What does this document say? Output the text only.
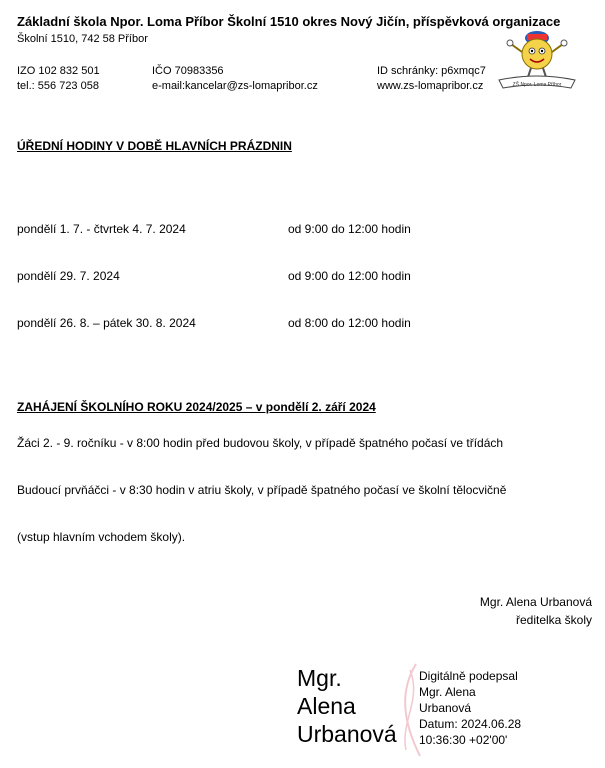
Základní škola Npor. Loma Příbor Školní 1510 okres Nový Jičín, příspěvková organizace
Školní 1510, 742 58 Příbor
IZO 102 832 501
tel.: 556 723 058
IČO 70983356
e-mail:kancelar@zs-lomapribor.cz
ID schránky: p6xmqc7
www.zs-lomapribor.cz	ZŠ Npor. Loma Příbor
ÚŘEDNÍ HODINY V DOBĚ HLAVNÍCH PRÁZDNIN
pondělí 1. 7. - čtvrtek 4. 7. 2024	od 9:00 do 12:00 hodin
pondělí 29. 7. 2024	od 9:00 do 12:00 hodin
pondělí 26. 8. – pátek 30. 8. 2024	od 8:00 do 12:00 hodin
ZAHÁJENÍ ŠKOLNÍHO ROKU 2024/2025 – v pondělí 2. září 2024
Žáci 2. - 9. ročníku - v 8:00 hodin před budovou školy, v případě špatného počasí ve třídách
Budoucí prvňáčci - v 8:30 hodin v atriu školy, v případě špatného počasí ve školní tělocvičně
(vstup hlavním vchodem školy).
Mgr. Alena Urbanová
ředitelka školy
Mgr.
Alena
Urbanová
Digitálně podepsal
Mgr. Alena
Urbanová
Datum: 2024.06.28
10:36:30 +02'00'
